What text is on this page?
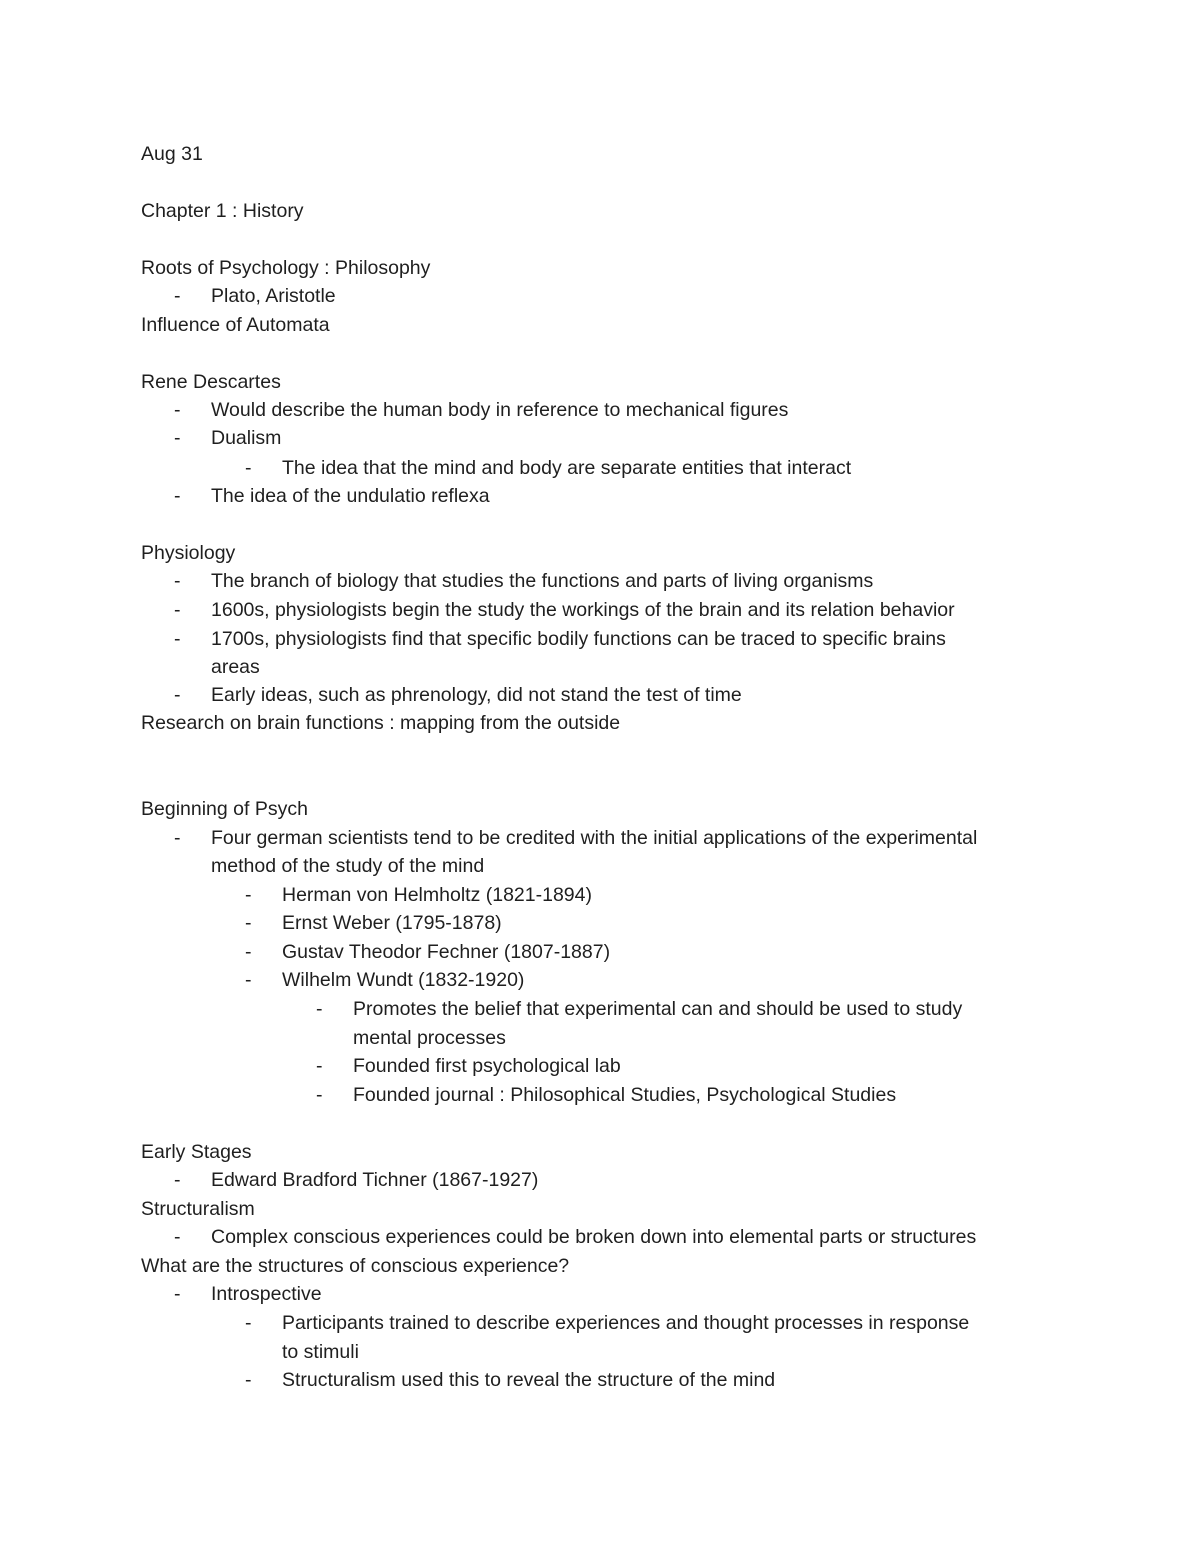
Aug 31
Chapter 1 : History
Roots of Psychology : Philosophy
- Plato, Aristotle
Influence of Automata
Rene Descartes
- Would describe the human body in reference to mechanical figures
- Dualism
- The idea that the mind and body are separate entities that interact
- The idea of the undulatio reflexa
Physiology
- The branch of biology that studies the functions and parts of living organisms
- 1600s, physiologists begin the study the workings of the brain and its relation behavior
- 1700s, physiologists find that specific bodily functions can be traced to specific brains
areas
- Early ideas, such as phrenology, did not stand the test of time
Research on brain functions : mapping from the outside
Beginning of Psych
- Four german scientists tend to be credited with the initial applications of the experimental
method of the study of the mind
- Herman von Helmholtz (1821-1894)
- Ernst Weber (1795-1878)
- Gustav Theodor Fechner (1807-1887)
- Wilhelm Wundt (1832-1920)
- Promotes the belief that experimental can and should be used to study
mental processes
- Founded first psychological lab
- Founded journal : Philosophical Studies, Psychological Studies
Early Stages
- Edward Bradford Tichner (1867-1927)
Structuralism
- Complex conscious experiences could be broken down into elemental parts or structures
What are the structures of conscious experience?
- Introspective
- Participants trained to describe experiences and thought processes in response
to stimuli
- Structuralism used this to reveal the structure of the mind
